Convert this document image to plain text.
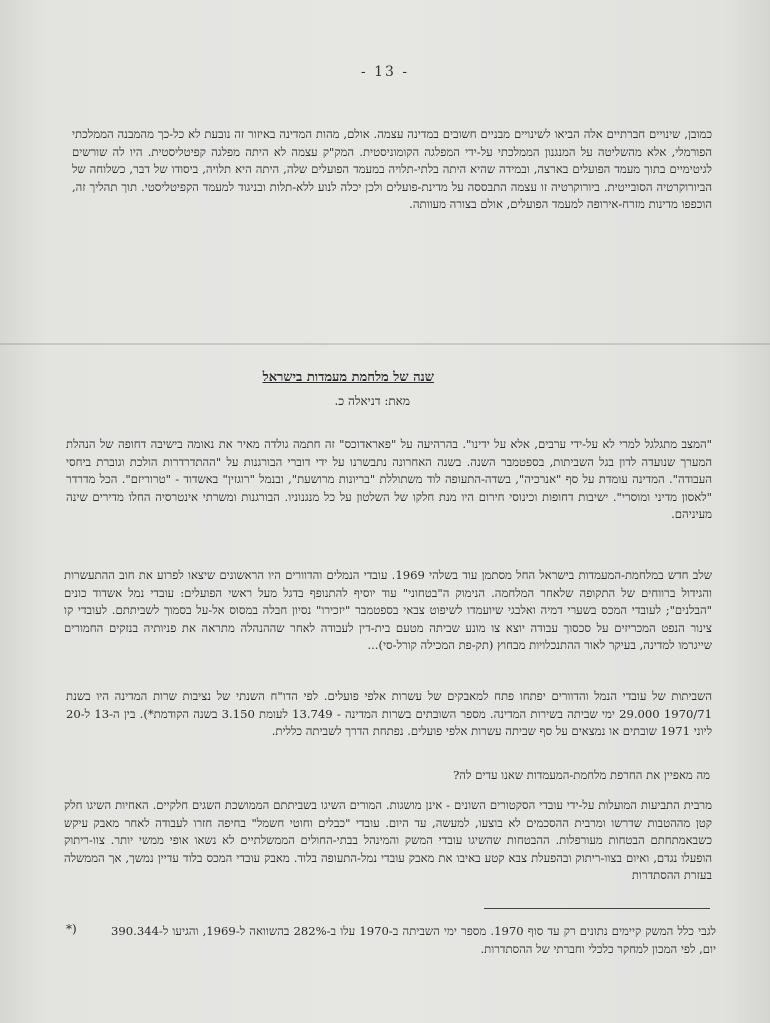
- 13 -

כמובן, שינויים חברתיים אלה הביאו לשינויים מבניים חשובים במדינה עצמה. אולם, מהות המדינה באיזור זה נובעת לא כל-כך מהמבנה הממלכתי הפורמלי, אלא מהשליטה על המנגנון הממלכתי על-ידי המפלגה הקומוניסטית. המק"ק עצמה לא היתה מפלגה קפיטליסטית. היו לה שורשים לגיטימיים בתוך מעמד הפועלים בארצה, ובמידה שהיא היתה בלתי-תלויה במעמד הפועלים שלה, היתה היא תלויה, ביסודו של דבר, כשלוחה של הביורוקרטיה הסובייטית. ביורוקרטיה זו עצמה התבססה על מדינת-פועלים ולכן יכלה לנוע ללא-תלות ובניגוד למעמד הקפיטליסטי. תוך תהליך זה, הוכפפו מדינות מזרח-אירופה למעמד הפועלים, אולם בצורה מעוותה.

שנה של מלחמת מעמדות בישראל

מאת: דניאלה כ.

"המצב מתגלגל למרי לא על-ידי ערבים, אלא על ידינו". בהרהיעה על "פאראדוכס" זה חתמה גולדה מאיר את נאומה בישיבה דחופה של הנהלת המערך שנועדה לדון בגל השביתות, בספטמבר השנה. בשנה האחרונה נתבשרנו על ידי דוברי הבורגנות על "ההתדרדרות הולכת וגוברת ביחסי העבודה". המדינה עומדת על סף "אנרכיה", בשדה-התעופה לוד משתוללת "בריונות מרושעת", ובנמל "רוגזין" באשדוד - "טרוריזם". הכל מדרדר "לאסון מדיני ומוסרי". ישיבות דחופות וכינוסי חירום היו מנת חלקו של השלטון על כל מנגנוניו. הבורגנות ומשרתי אינטרסיה החלו מדירים שינה מעיניהם.

שלב חדש במלחמת-המעמדות בישראל החל מסתמן עוד בשלהי 1969. עובדי הנמלים והדוורים היו הראשונים שיצאו לפרוע את חוב ההתעשרות והגידול ברווחים של התקופה שלאחר המלחמה. הנימוק ה"בטחוני" עוד יוסיף להתנופף בדגל מעל ראשי הפועלים: עובדי נמל אשדוד כונים "הבלנים"; לעובדי המכס בשערי דמיה ואלבגי שיועמדו לשיפוט צבאי בספטמבר "יזכירו" נסיון חבלה במסוס אל-על בסמוך לשביתתם. לעובדי קו צינור הנפט המכריזים על סכסוך עבודה יוצא צו מונע שביתה מטעם בית-דין לעבודה לאחר שההנהלה מתראה את פניותיה בנזקים החמורים שייגרמו למדינה, בעיקר לאור ההתנכלויות מבחוץ (תק-פת המכילה קורל-סי)...

השביתות של עובדי הנמל והדוורים יפתחו פתח למאבקים של עשרות אלפי פועלים. לפי הדו"ח השנתי של נציבות שרות המדינה היו בשנת 1970/71 29.000 ימי שביתה בשירות המדינה. מספר השובתים בשרות המדינה - 13.749 לעומת 3.150 בשנה הקודמת*). בין ה-13 ל-20 ליוני 1971 שובתים או נמצאים על סף שביתה עשרות אלפי פועלים. נפתחת הדרך לשביתה כללית.

מה מאפיין את החרפת מלחמת-המעמדות שאנו עדים לה?

מרבית התביעות המועלות על-ידי עובדי הסקטורים השונים - אינן מושגות. המורים השיגו בשביתתם הממושכת השגים חלקיים. האחיות השיגו חלק קטן מההטבות שדרשו ומרבית ההסכמים לא בוצעו, למעשה, עד היום. עובדי "כבלים וחוטי חשמל" בחיפה חזרו לעבודה לאחר מאבק עיקש כשבאמתחתם הבטחות מעורפלות. ההבטחות שהשיגו עובדי המשק והמינהל בבתי-החולים הממשלתיים לא נשאו אופי ממשי יותר. צוו-ריתוק הופעלו נגדם, ואיום בצוו-ריתוק ובהפעלת צבא קטע באיבו את מאבק עובדי נמל-התעופה בלוד. מאבק עובדי המכס בלוד עדיין נמשך, אך הממשלה בעזרת ההסתדרות

*)	לגבי כלל המשק קיימים נתונים רק עד סוף 1970. מספר ימי השביתה ב-1970 עלו ב-282% בהשוואה ל-1969, והגיעו ל-390.344 יום, לפי המכון למחקר כלכלי וחברתי של ההסתדרות.
